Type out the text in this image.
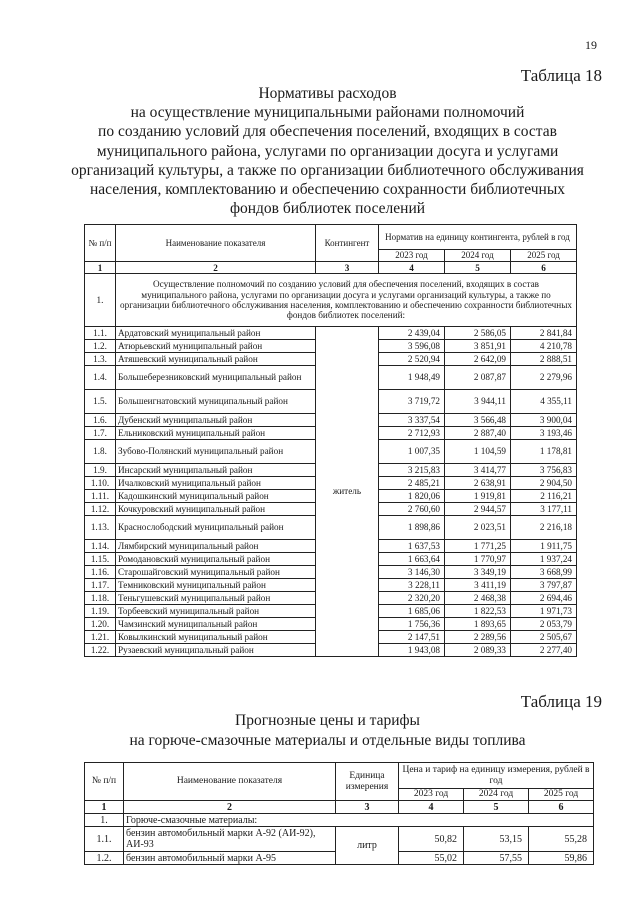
19
Таблица 18
Нормативы расходов
на осуществление муниципальными районами полномочий
по созданию условий для обеспечения поселений, входящих в состав
муниципального района, услугами по организации досуга и услугами
организаций культуры, а также по организации библиотечного обслуживания
населения, комплектованию и обеспечению сохранности библиотечных
фондов библиотек поселений
№ п/п	Наименование показателя	Контингент	Норматив на единицу контингента, рублей в год		
			2023 год	2024 год	2025 год
1	2	3	4	5	6
1.	Осуществление полномочий по созданию условий для обеспечения поселений, входящих в состав муниципального района, услугами по организации досуга и услугами организаций культуры, а также по организации библиотечного обслуживания населения, комплектованию и обеспечению сохранности библиотечных фондов библиотек поселений:				
1.1.	Ардатовский муниципальный район	житель	2 439,04	2 586,05	2 841,84
1.2.	Атюрьевский муниципальный район		3 596,08	3 851,91	4 210,78
1.3.	Атяшевский муниципальный район		2 520,94	2 642,09	2 888,51
1.4.	Большеберезниковский муниципальный район		1 948,49	2 087,87	2 279,96
1.5.	Большеигнатовский муниципальный район		3 719,72	3 944,11	4 355,11
1.6.	Дубенский муниципальный район		3 337,54	3 566,48	3 900,04
1.7.	Ельниковский муниципальный район		2 712,93	2 887,40	3 193,46
1.8.	Зубово-Полянский муниципальный район		1 007,35	1 104,59	1 178,81
1.9.	Инсарский муниципальный район		3 215,83	3 414,77	3 756,83
1.10.	Ичалковский муниципальный район		2 485,21	2 638,91	2 904,50
1.11.	Кадошкинский муниципальный район		1 820,06	1 919,81	2 116,21
1.12.	Кочкуровский муниципальный район		2 760,60	2 944,57	3 177,11
1.13.	Краснослободский муниципальный район		1 898,86	2 023,51	2 216,18
1.14.	Лямбирский муниципальный район		1 637,53	1 771,25	1 911,75
1.15.	Ромодановский муниципальный район		1 663,64	1 770,97	1 937,24
1.16.	Старошайговский муниципальный район		3 146,30	3 349,19	3 668,99
1.17.	Темниковский муниципальный район		3 228,11	3 411,19	3 797,87
1.18.	Теньгушевский муниципальный район		2 320,20	2 468,38	2 694,46
1.19.	Торбеевский муниципальный район		1 685,06	1 822,53	1 971,73
1.20.	Чамзинский муниципальный район		1 756,36	1 893,65	2 053,79
1.21.	Ковылкинский муниципальный район		2 147,51	2 289,56	2 505,67
1.22.	Рузаевский муниципальный район		1 943,08	2 089,33	2 277,40
Таблица 19
Прогнозные цены и тарифы
на горюче-смазочные материалы и отдельные виды топлива
№ п/п	Наименование показателя	Единица измерения	Цена и тариф на единицу измерения, рублей в год		
			2023 год	2024 год	2025 год
1	2	3	4	5	6
1.	Горюче-смазочные материалы:				
1.1.	бензин автомобильный марки А-92 (АИ-92), АИ-93	литр	50,82	53,15	55,28
1.2.	бензин автомобильный марки А-95		55,02	57,55	59,86
